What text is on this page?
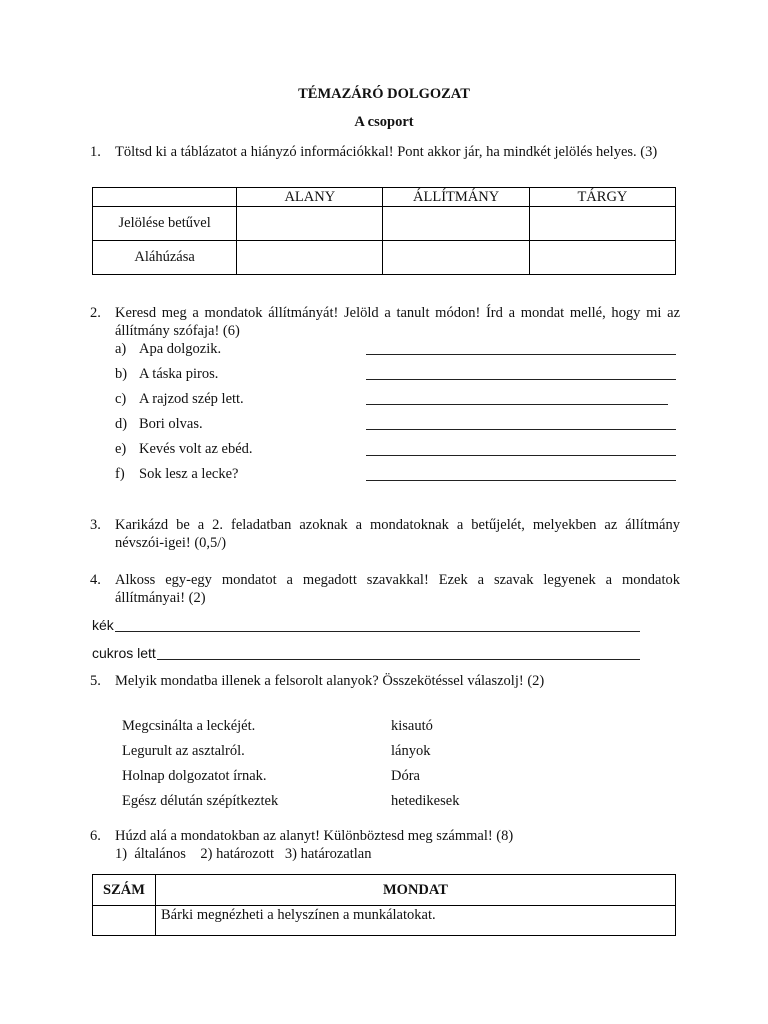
TÉMAZÁRÓ DOLGOZAT
A csoport
1. Töltsd ki a táblázatot a hiányzó információkkal! Pont akkor jár, ha mindkét jelölés helyes. (3)
	ALANY	ÁLLÍTMÁNY	TÁRGY
Jelölése betűvel			
Aláhúzása			
2. Keresd meg a mondatok állítmányát! Jelöld a tanult módon! Írd a mondat mellé, hogy mi az állítmány szófaja! (6)
a) Apa dolgozik.
b) A táska piros.
c) A rajzod szép lett.
d) Bori olvas.
e) Kevés volt az ebéd.
f) Sok lesz a lecke?
3. Karikázd be a 2. feladatban azoknak a mondatoknak a betűjelét, melyekben az állítmány névszói-igei! (0,5/)
4. Alkoss egy-egy mondatot a megadott szavakkal! Ezek a szavak legyenek a mondatok állítmányai! (2)
kék
cukros lett
5. Melyik mondatba illenek a felsorolt alanyok? Összekötéssel válaszolj! (2)
Megcsinálta a leckéjét.	kisautó
Legurult az asztalról.	lányok
Holnap dolgozatot írnak.	Dóra
Egész délután szépítkeztek	hetedikesek
6. Húzd alá a mondatokban az alanyt! Különböztesd meg számmal! (8)
1)  általános    2) határozott   3) határozatlan
SZÁM	MONDAT
	Bárki megnézheti a helyszínen a munkálatokat.
